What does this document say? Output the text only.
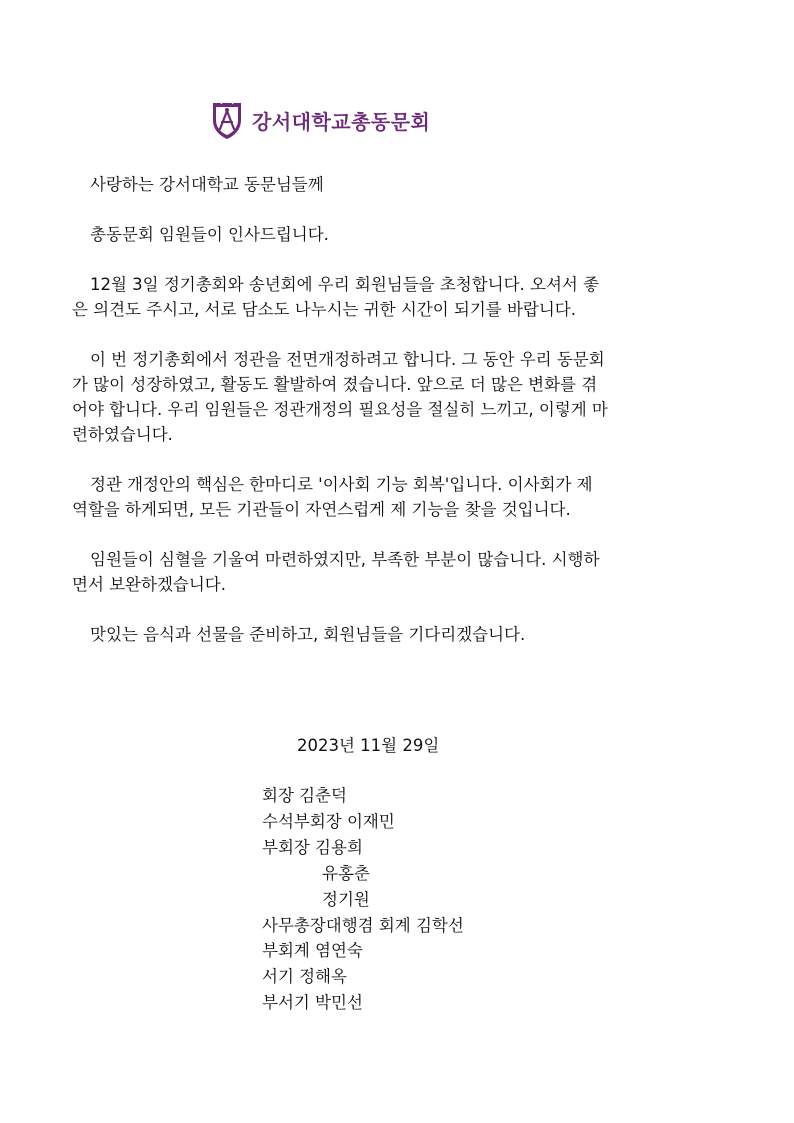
강서대학교총동문회

사랑하는 강서대학교 동문님들께

총동문회 임원들이 인사드립니다.

12월 3일 정기총회와 송년회에 우리 회원님들을 초청합니다. 오셔서 좋은 의견도 주시고, 서로 담소도 나누시는 귀한 시간이 되기를 바랍니다.

이 번 정기총회에서 정관을 전면개정하려고 합니다. 그 동안 우리 동문회가 많이 성장하였고, 활동도 활발하여 졌습니다. 앞으로 더 많은 변화를 겪어야 합니다. 우리 임원들은 정관개정의 필요성을 절실히 느끼고, 이렇게 마련하였습니다.

정관 개정안의 핵심은 한마디로 '이사회 기능 회복'입니다. 이사회가 제 역할을 하게되면, 모든 기관들이 자연스럽게 제 기능을 찾을 것입니다.

임원들이 심혈을 기울여 마련하였지만, 부족한 부분이 많습니다. 시행하면서 보완하겠습니다.

맛있는 음식과 선물을 준비하고, 회원님들을 기다리겠습니다.

2023년 11월 29일
회장 김춘덕
수석부회장 이재민
부회장 김용희
유홍춘
정기원
사무총장대행겸 회계 김학선
부회계 염연숙
서기 정해옥
부서기 박민선
